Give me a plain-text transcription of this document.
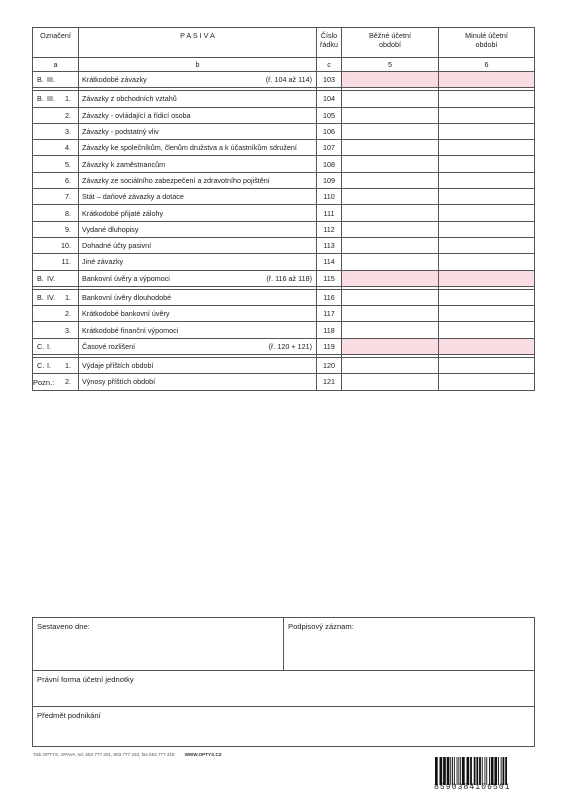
Označení	P A S I V A	Číslo řádku	Běžné účetní období	Minulé účetní období
a	b	c	5	6
B. III.	Krátkodobé závazky (ř. 104 až 114)	103		

B. III. 1.	Závazky z obchodních vztahů	104		
2.	Závazky - ovládající a řídicí osoba	105		
3.	Závazky - podstatný vliv	106		
4.	Závazky ke společníkům, členům družstva a k účastníkům sdružení	107		
5.	Závazky k zaměstnancům	108		
6.	Závazky ze sociálního zabezpečení a zdravotního pojištění	109		
7.	Stát – daňové závazky a dotace	110		
8.	Krátkodobé přijaté zálohy	111		
9.	Vydané dluhopisy	112		
10.	Dohadné účty pasivní	113		
11.	Jiné závazky	114		
B. IV.	Bankovní úvěry a výpomoci (ř. 116 až 118)	115		

B. IV. 1.	Bankovní úvěry dlouhodobé	116		
2.	Krátkodobé bankovní úvěry	117		
3.	Krátkodobé finanční výpomoci	118		
C. I.	Časové rozlišení (ř. 120 + 121)	119		

C. I. 1.	Výdaje příštích období	120		
2.	Výnosy příštích období	121		
Pozn.:
Sestaveno dne:	Podpisový záznam:
Právní forma účetní jednotky
Předmět podnikání
Tisk OPTYS, OPAVA, tel. 553 777 301, 553 777 333, fax 553 777 318 WWW.OPTYS.CZ
8590384106501
